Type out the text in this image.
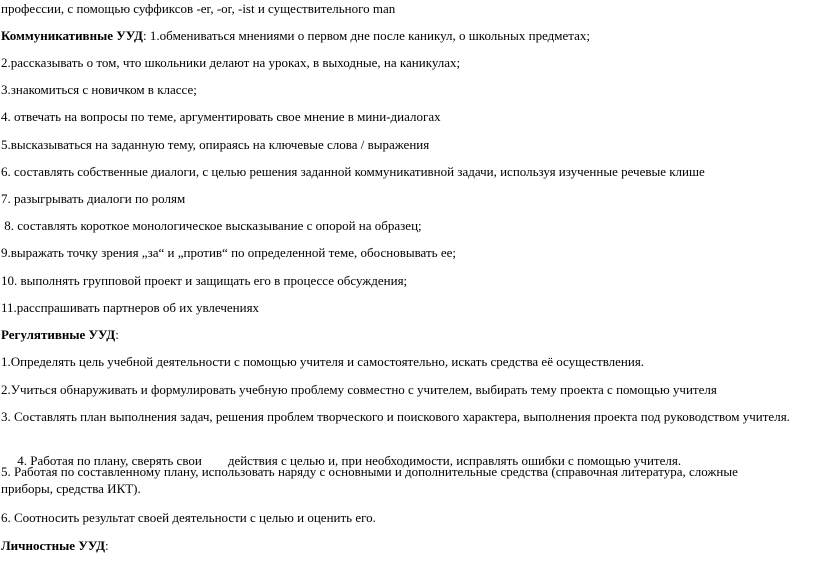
профессии, с помощью суффиксов -er, -or, -ist и существительного man
Коммуникативные УУД: 1.обмениваться мнениями о первом дне после каникул, о школьных предметах;
2.рассказывать о том, что школьники делают на уроках, в выходные, на каникулах;
3.знакомиться с новичком в классе;
4. отвечать на вопросы по теме, аргументировать свое мнение в мини-диалогах
5.высказываться на заданную тему, опираясь на ключевые слова / выражения
6. составлять собственные диалоги, с целью решения заданной коммуникативной задачи, используя изученные речевые клише
7. разыгрывать диалоги по ролям
8. составлять короткое монологическое высказывание с опорой на образец;
9.выражать точку зрения „за“ и „против“ по определенной теме, обосновывать ее;
10. выполнять групповой проект и защищать его в процессе обсуждения;
11.расспрашивать партнеров об их увлечениях
Регулятивные УУД:
1.Определять цель учебной деятельности с помощью учителя и самостоятельно, искать средства её осуществления.
2.Учиться обнаруживать и формулировать учебную проблему совместно с учителем, выбирать тему проекта с помощью учителя
3. Составлять план выполнения задач, решения проблем творческого и поискового характера, выполнения проекта под руководством учителя.

4. Работая по плану, сверять свои действия с целью и, при необходимости, исправлять ошибки с помощью учителя.

5. Работая по составленному плану, использовать наряду с основными и дополнительные средства (справочная литература, сложные приборы, средства ИКТ).
6. Соотносить результат своей деятельности с целью и оценить его.
Личностные УУД:
